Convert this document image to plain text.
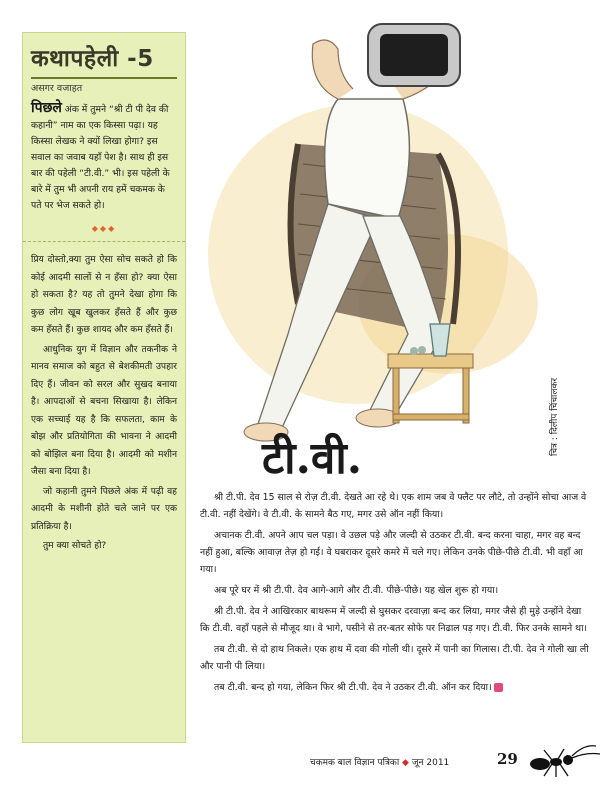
कथापहेली -5

असगर वजाहत

पिछले अंक में तुमने “श्री टी पी देव की कहानी” नाम का एक किस्सा पढ़ा। यह किस्सा लेखक ने क्यों लिखा होगा? इस सवाल का जवाब यहाँ पेश है। साथ ही इस बार की पहेली “टी.वी.” भी। इस पहेली के बारे में तुम भी अपनी राय हमें चकमक के पते पर भेज सकते हो।

◆◆◆

प्रिय दोस्तो,क्या तुम ऐसा सोच सकते हो कि कोई आदमी सालों से न हँसा हो? क्या ऐसा हो सकता है? यह तो तुमने देखा होगा कि कुछ लोग खूब खुलकर हँसते हैं और कुछ कम हँसते हैं। कुछ शायद और कम हँसते हैं।

आधुनिक युग में विज्ञान और तकनीक ने मानव समाज को बहुत से बेशकीमती उपहार दिए हैं। जीवन को सरल और सुखद बनाया है। आपदाओं से बचना सिखाया है। लेकिन एक सच्चाई यह है कि सफलता, काम के बोझ और प्रतियोगिता की भावना ने आदमी को बोझिल बना दिया है। आदमी को मशीन जैसा बना दिया है।

जो कहानी तुमने पिछले अंक में पढ़ी वह आदमी के मशीनी होते चले जाने पर एक प्रतिक्रिया है।

तुम क्या सोचते हो?

चित्र : दिलीप चिंचालकर
टी.वी.

श्री टी.पी. देव 15 साल से रोज़ टी.वी. देखते आ रहे थे। एक शाम जब वे फ्लैट पर लौटे, तो उन्होंने सोचा आज वे टी.वी. नहीं देखेंगे। वे टी.वी. के सामने बैठ गए, मगर उसे ऑन नहीं किया।

अचानक टी.वी. अपने आप चल पड़ा। वे उछल पड़े और जल्दी से उठकर टी.वी. बन्द करना चाहा, मगर वह बन्द नहीं हुआ, बल्कि आवाज़ तेज़ हो गई। वे घबराकर दूसरे कमरे में चले गए। लेकिन उनके पीछे-पीछे टी.वी. भी वहाँ आ गया।

अब पूरे घर में श्री टी.पी. देव आगे-आगे और टी.वी. पीछे-पीछे। यह खेल शुरू हो गया।

श्री टी.पी. देव ने आखिरकार बाथरूम में जल्दी से घुसकर दरवाज़ा बन्द कर लिया, मगर जैसे ही मुड़े उन्होंने देखा कि टी.वी. वहाँ पहले से मौजूद था। वे भागे, पसीने से तर-बतर सोफे पर निढाल पड़ गए। टी.वी. फिर उनके सामने था।

तब टी.वी. से दो हाथ निकले। एक हाथ में दवा की गोली थी। दूसरे में पानी का गिलास। टी.पी. देव ने गोली खा ली और पानी पी लिया।

तब टी.वी. बन्द हो गया, लेकिन फिर श्री टी.पी. देव ने उठकर टी.वी. ऑन कर दिया।

चकमक बाल विज्ञान पत्रिका ◆ जून 2011	29
